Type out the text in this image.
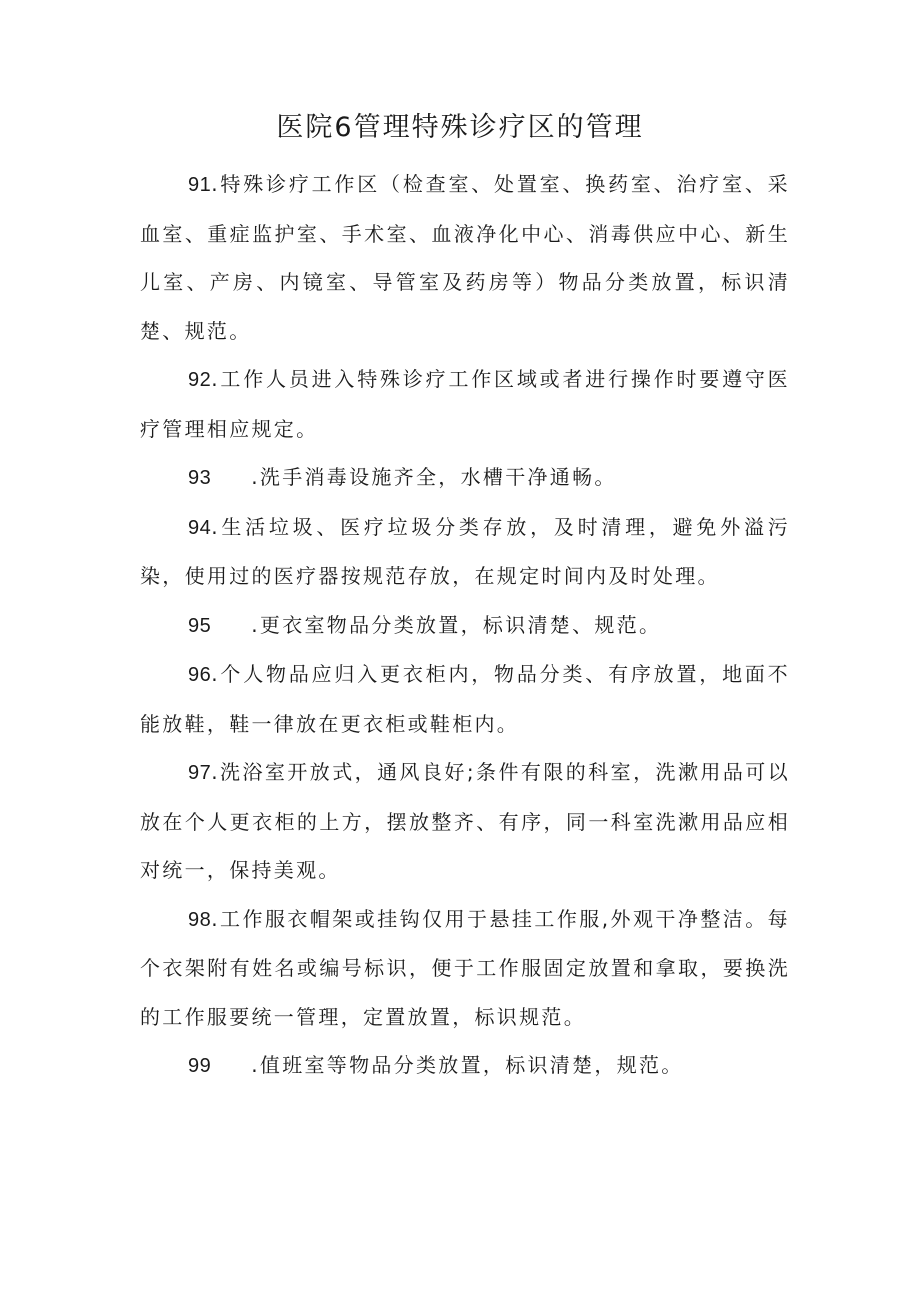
医院6管理特殊诊疗区的管理

91.特殊诊疗工作区（检查室、处置室、换药室、治疗室、采血室、重症监护室、手术室、血液净化中心、消毒供应中心、新生儿室、产房、内镜室、导管室及药房等）物品分类放置，标识清楚、规范。

92.工作人员进入特殊诊疗工作区域或者进行操作时要遵守医疗管理相应规定。

93 .洗手消毒设施齐全，水槽干净通畅。

94.生活垃圾、医疗垃圾分类存放，及时清理，避免外溢污染，使用过的医疗器按规范存放，在规定时间内及时处理。

95 .更衣室物品分类放置，标识清楚、规范。

96.个人物品应归入更衣柜内，物品分类、有序放置，地面不能放鞋，鞋一律放在更衣柜或鞋柜内。

97.洗浴室开放式，通风良好;条件有限的科室，洗漱用品可以放在个人更衣柜的上方，摆放整齐、有序，同一科室洗漱用品应相对统一，保持美观。

98.工作服衣帽架或挂钩仅用于悬挂工作服,外观干净整洁。每个衣架附有姓名或编号标识，便于工作服固定放置和拿取，要换洗的工作服要统一管理，定置放置，标识规范。

99 .值班室等物品分类放置，标识清楚，规范。
